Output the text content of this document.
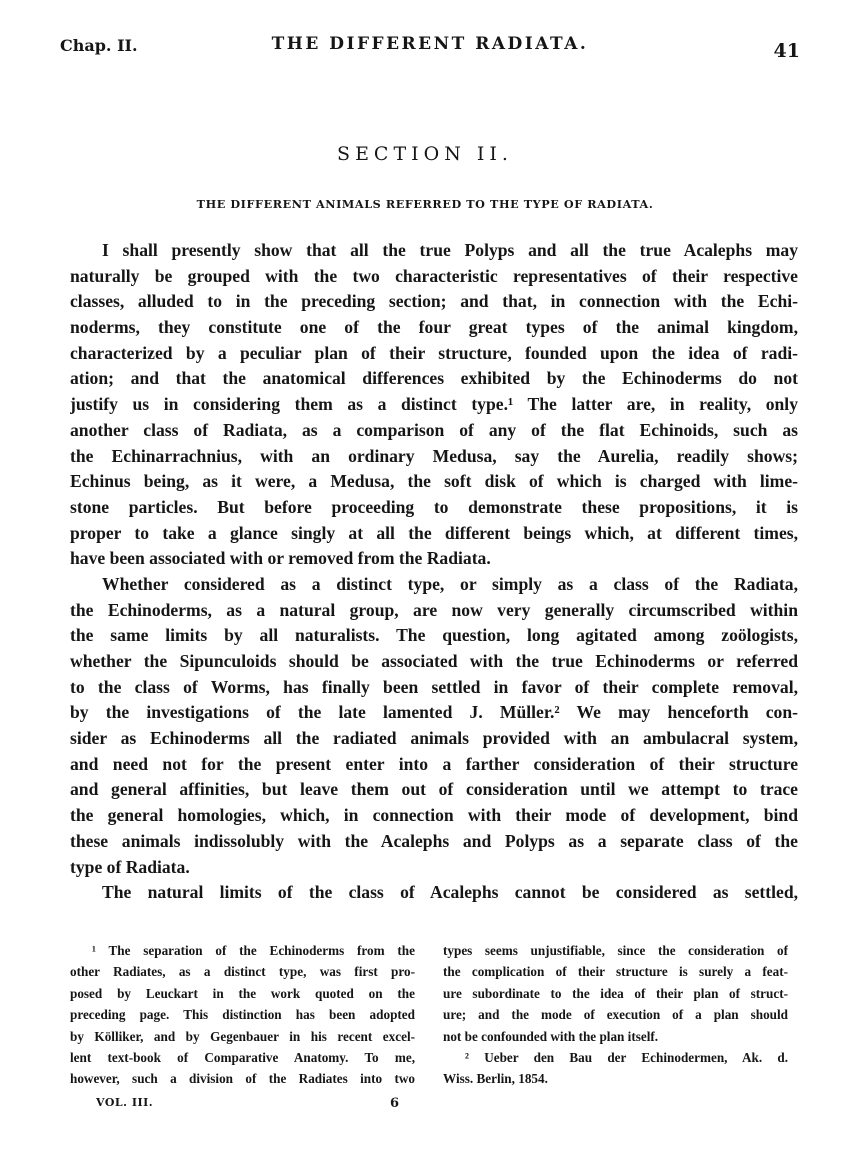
Chap. II.	THE DIFFERENT RADIATA.	41
SECTION II.
THE DIFFERENT ANIMALS REFERRED TO THE TYPE OF RADIATA.
I shall presently show that all the true Polyps and all the true Acalephs may
naturally be grouped with the two characteristic representatives of their respective
classes, alluded to in the preceding section; and that, in connection with the Echi-
noderms, they constitute one of the four great types of the animal kingdom,
characterized by a peculiar plan of their structure, founded upon the idea of radi-
ation; and that the anatomical differences exhibited by the Echinoderms do not
justify us in considering them as a distinct type.¹ The latter are, in reality, only
another class of Radiata, as a comparison of any of the flat Echinoids, such as
the Echinarrachnius, with an ordinary Medusa, say the Aurelia, readily shows;
Echinus being, as it were, a Medusa, the soft disk of which is charged with lime-
stone particles. But before proceeding to demonstrate these propositions, it is
proper to take a glance singly at all the different beings which, at different times,
have been associated with or removed from the Radiata.
Whether considered as a distinct type, or simply as a class of the Radiata,
the Echinoderms, as a natural group, are now very generally circumscribed within
the same limits by all naturalists. The question, long agitated among zoölogists,
whether the Sipunculoids should be associated with the true Echinoderms or referred
to the class of Worms, has finally been settled in favor of their complete removal,
by the investigations of the late lamented J. Müller.² We may henceforth con-
sider as Echinoderms all the radiated animals provided with an ambulacral system,
and need not for the present enter into a farther consideration of their structure
and general affinities, but leave them out of consideration until we attempt to trace
the general homologies, which, in connection with their mode of development, bind
these animals indissolubly with the Acalephs and Polyps as a separate class of the
type of Radiata.
The natural limits of the class of Acalephs cannot be considered as settled,
¹ The separation of the Echinoderms from the
other Radiates, as a distinct type, was first pro-
posed by Leuckart in the work quoted on the
preceding page. This distinction has been adopted
by Kölliker, and by Gegenbauer in his recent excel-
lent text-book of Comparative Anatomy. To me,
however, such a division of the Radiates into two
types seems unjustifiable, since the consideration of
the complication of their structure is surely a feat-
ure subordinate to the idea of their plan of struct-
ure; and the mode of execution of a plan should
not be confounded with the plan itself.
² Ueber den Bau der Echinodermen, Ak. d.
Wiss. Berlin, 1854.
VOL. III.	6
